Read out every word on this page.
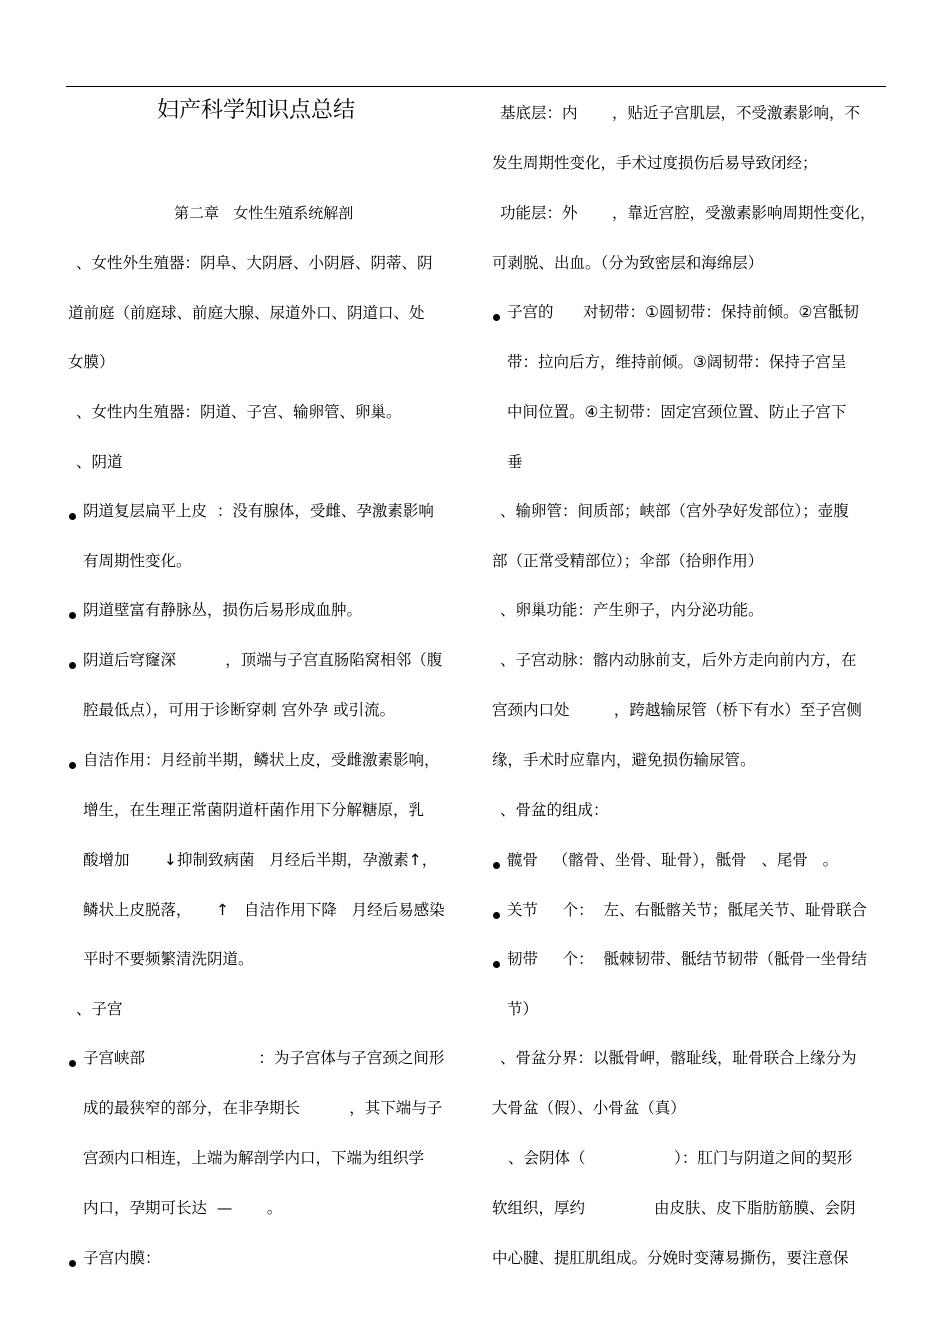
妇产科学知识点总结
第二章   女性生殖系统解剖
、女性外生殖器：阴阜、大阴唇、小阴唇、阴蒂、阴
道前庭（前庭球、前庭大腺、尿道外口、阴道口、处
女膜）
、女性内生殖器：阴道、子宫、输卵管、卵巢。
、阴道
阴道复层扁平上皮  ：没有腺体，受雌、孕激素影响
有周期性变化。
阴道壁富有静脉丛，损伤后易形成血肿。
阴道后穹窿深          ，顶端与子宫直肠陷窝相邻（腹
腔最低点），可用于诊断穿刺 宫外孕 或引流。
自洁作用：月经前半期，鳞状上皮，受雌激素影响，
增生，在生理正常菌阴道杆菌作用下分解糖原，乳
酸增加       ↓抑制致病菌   月经后半期，孕激素↑，
鳞状上皮脱落，     ↑   自洁作用下降   月经后易感染
平时不要频繁清洗阴道。
、子宫
子宫峡部                       ：为子宫体与子宫颈之间形
成的最狭窄的部分，在非孕期长          ，其下端与子
宫颈内口相连，上端为解剖学内口，下端为组织学
内口，孕期可长达  —       。
子宫内膜：
基底层：内       ，贴近子宫肌层，不受激素影响，不
发生周期性变化，手术过度损伤后易导致闭经；
功能层：外       ，靠近宫腔，受激素影响周期性变化，
可剥脱、出血。（分为致密层和海绵层）
子宫的      对韧带：①圆韧带：保持前倾。②宫骶韧
带：拉向后方，维持前倾。③阔韧带：保持子宫呈
中间位置。④主韧带：固定宫颈位置、防止子宫下
垂
、输卵管：间质部；峡部（宫外孕好发部位）；壶腹
部（正常受精部位）；伞部（拾卵作用）
、卵巢功能：产生卵子，内分泌功能。
、子宫动脉：髂内动脉前支，后外方走向前内方，在
宫颈内口处         ，跨越输尿管（桥下有水）至子宫侧
缘，手术时应靠内，避免损伤输尿管。
、骨盆的组成：
髋骨   （髂骨、坐骨、耻骨），骶骨   、尾骨   。
关节     个：  左、右骶髂关节；骶尾关节、耻骨联合
韧带     个：  骶棘韧带、骶结节韧带（骶骨一坐骨结
节）
、骨盆分界：以骶骨岬，髂耻线，耻骨联合上缘分为
大骨盆（假）、小骨盆（真）
、会阴体（                  ）：肛门与阴道之间的契形
软组织，厚约              由皮肤、皮下脂肪筋膜、会阴
中心腱、提肛肌组成。分娩时变薄易撕伤，要注意保
